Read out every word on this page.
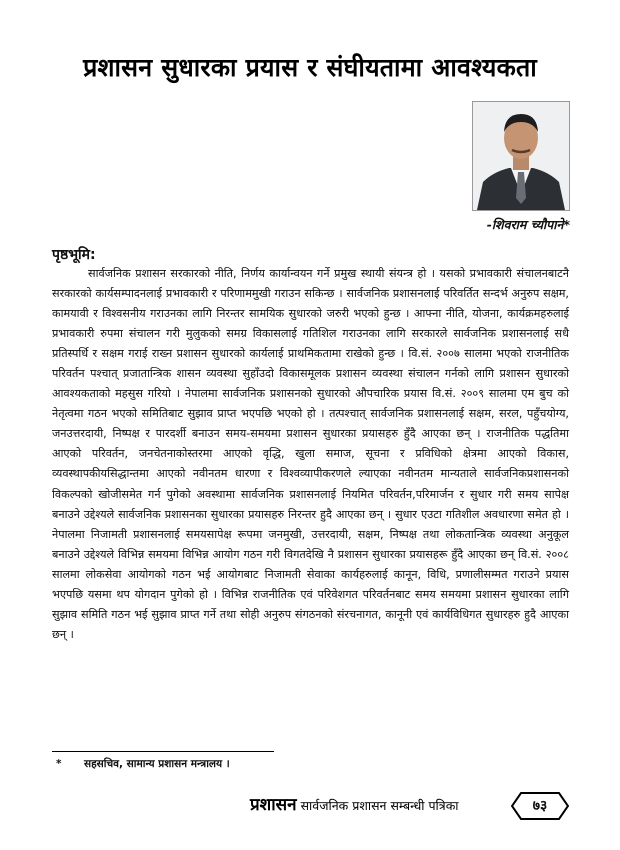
प्रशासन सुधारका प्रयास र संघीयतामा आवश्यकता
-शिवराम च्यौपाने*
पृष्ठभूमि:
सार्वजनिक प्रशासन सरकारको नीति, निर्णय कार्यान्वयन गर्ने प्रमुख स्थायी संयन्त्र हो । यसको प्रभावकारी संचालनबाटनै सरकारको कार्यसम्पादनलाई प्रभावकारी र परिणाममुखी गराउन सकिन्छ । सार्वजनिक प्रशासनलाई परिवर्तित सन्दर्भ अनुरुप सक्षम, कामयावी र विश्वसनीय गराउनका लागि निरन्तर सामयिक सुधारको जरुरी भएको हुन्छ । आफ्ना नीति, योजना, कार्यक्रमहरुलाई प्रभावकारी रुपमा संचालन गरी मुलुकको समग्र विकासलाई गतिशिल गराउनका लागि सरकारले सार्वजनिक प्रशासनलाई सधै प्रतिस्पर्धि र सक्षम गराई राख्न प्रशासन सुधारको कार्यलाई प्राथमिकतामा राखेको हुन्छ । वि.सं. २००७ सालमा भएको राजनीतिक परिवर्तन पश्चात् प्रजातान्त्रिक शासन व्यवस्था सुहाँउदो विकासमूलक प्रशासन व्यवस्था संचालन गर्नको लागि प्रशासन सुधारको आवश्यकताको महसुस गरियो । नेपालमा सार्वजनिक प्रशासनको सुधारको औपचारिक प्रयास वि.सं. २००९ सालमा एम बुच को नेतृत्वमा गठन भएको समितिबाट सुझाव प्राप्त भएपछि भएको हो । तत्पश्चात् सार्वजनिक प्रशासनलाई सक्षम, सरल, पहुँचयोग्य, जनउत्तरदायी, निष्पक्ष र पारदर्शी बनाउन समय-समयमा प्रशासन सुधारका प्रयासहरु हुँदै आएका छन् । राजनीतिक पद्धतिमा आएको परिवर्तन, जनचेतनाकोस्तरमा आएको वृद्धि, खुला समाज, सूचना र प्रविधिको क्षेत्रमा आएको विकास, व्यवस्थापकीयसिद्धान्तमा आएको नवीनतम धारणा र विश्वव्यापीकरणले ल्याएका नवीनतम मान्यताले सार्वजनिकप्रशासनको विकल्पको खोजीसमेत गर्न पुगेको अवस्थामा सार्वजनिक प्रशासनलाई नियमित परिवर्तन,परिमार्जन र सुधार गरी समय सापेक्ष बनाउने उद्देश्यले सार्वजनिक प्रशासनका सुधारका प्रयासहरु निरन्तर हुदै आएका छन् । सुधार एउटा गतिशील अवधारणा समेत हो । नेपालमा निजामती प्रशासनलाई समयसापेक्ष रूपमा जनमुखी, उत्तरदायी, सक्षम, निष्पक्ष तथा लोकतान्त्रिक व्यवस्था अनुकूल बनाउने उद्देश्यले विभिन्न समयमा विभिन्न आयोग गठन गरी विगतदेखि नै प्रशासन सुधारका प्रयासहरू हुँदै आएका छन् वि.सं. २००८ सालमा लोकसेवा आयोगको गठन भई आयोगबाट निजामती सेवाका कार्यहरुलाई कानून, विधि, प्रणालीसम्मत गराउने प्रयास भएपछि यसमा थप योगदान पुगेको हो । विभिन्न राजनीतिक एवं परिवेशगत परिवर्तनबाट समय समयमा प्रशासन सुधारका लागि सुझाव समिति गठन भई सुझाव प्राप्त गर्ने तथा सोही अनुरुप संगठनको संरचनागत, कानूनी एवं कार्यविधिगत सुधारहरु हुदै आएका छन् ।
* सहसचिव, सामान्य प्रशासन मन्त्रालय ।
प्रशासन सार्वजनिक प्रशासन सम्बन्धी पत्रिका	७३
